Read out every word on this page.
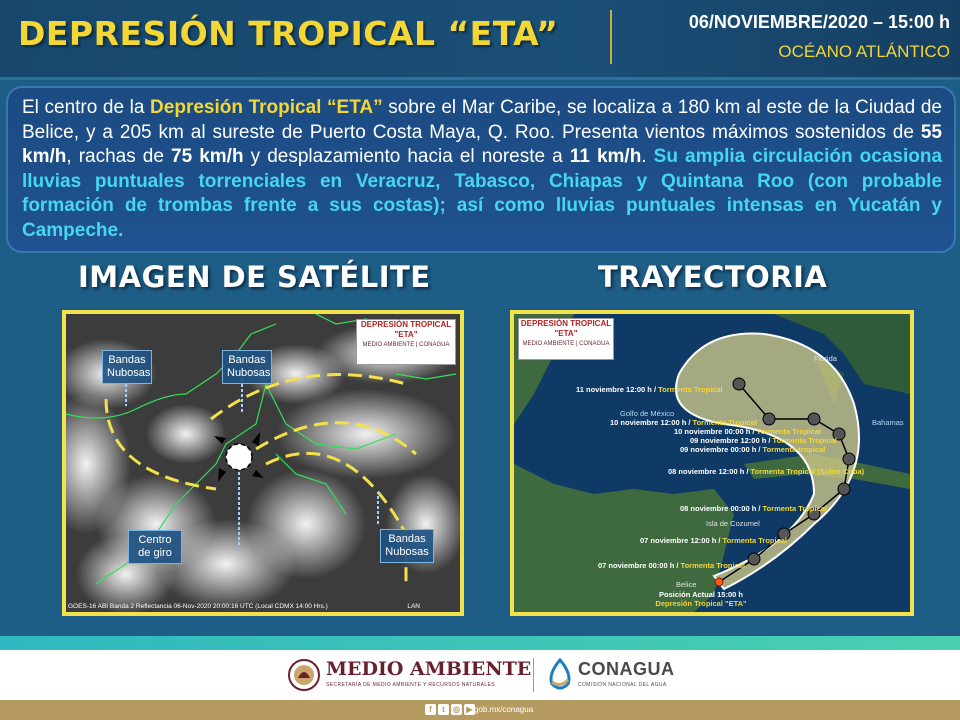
DEPRESIÓN TROPICAL “ETA”	06/NOVIEMBRE/2020 – 15:00 h
OCÉANO ATLÁNTICO
El centro de la Depresión Tropical “ETA” sobre el Mar Caribe, se localiza a 180 km al este de la Ciudad de Belice, y a 205 km al sureste de Puerto Costa Maya, Q. Roo. Presenta vientos máximos sostenidos de 55 km/h, rachas de 75 km/h y desplazamiento hacia el noreste a 11 km/h. Su amplia circulación ocasiona lluvias puntuales torrenciales en Veracruz, Tabasco, Chiapas y Quintana Roo (con probable formación de trombas frente a sus costas); así como lluvias puntuales intensas en Yucatán y Campeche.
IMAGEN DE SATÉLITE	TRAYECTORIA
DEPRESIÓN TROPICAL
"ETA"
MEDIO AMBIENTE | CONAGUA
Bandas Nubosas
Bandas Nubosas
Bandas Nubosas
Centro de giro
GOES-16 ABI Banda 2 Reflectancia 06-Nov-2020 20:00:16 UTC (Local CDMX 14:00 Hrs.)	LAN
DEPRESIÓN TROPICAL
"ETA"
MEDIO AMBIENTE | CONAGUA
11 noviembre 12:00 h / Tormenta Tropical
10 noviembre 12:00 h / Tormenta Tropical
10 noviembre 00:00 h / Tormenta Tropical
09 noviembre 12:00 h / Tormenta Tropical
09 noviembre 00:00 h / Tormenta tropical
08 noviembre 12:00 h / Tormenta Tropical (Sobre Cuba)
08 noviembre 00:00 h / Tormenta Tropical
07 noviembre 12:00 h / Tormenta Tropical
07 noviembre 00:00 h / Tormenta Tropical
Golfo de México
Florida
Isla de Cozumel
Bahamas
Belice
Posición Actual 15:00 h
Depresión Tropical "ETA"
MEDIO AMBIENTE
SECRETARÍA DE MEDIO AMBIENTE Y RECURSOS NATURALES
CONAGUA
COMISIÓN NACIONAL DEL AGUA
f	t	◎ ▶ gob.mx/conagua
